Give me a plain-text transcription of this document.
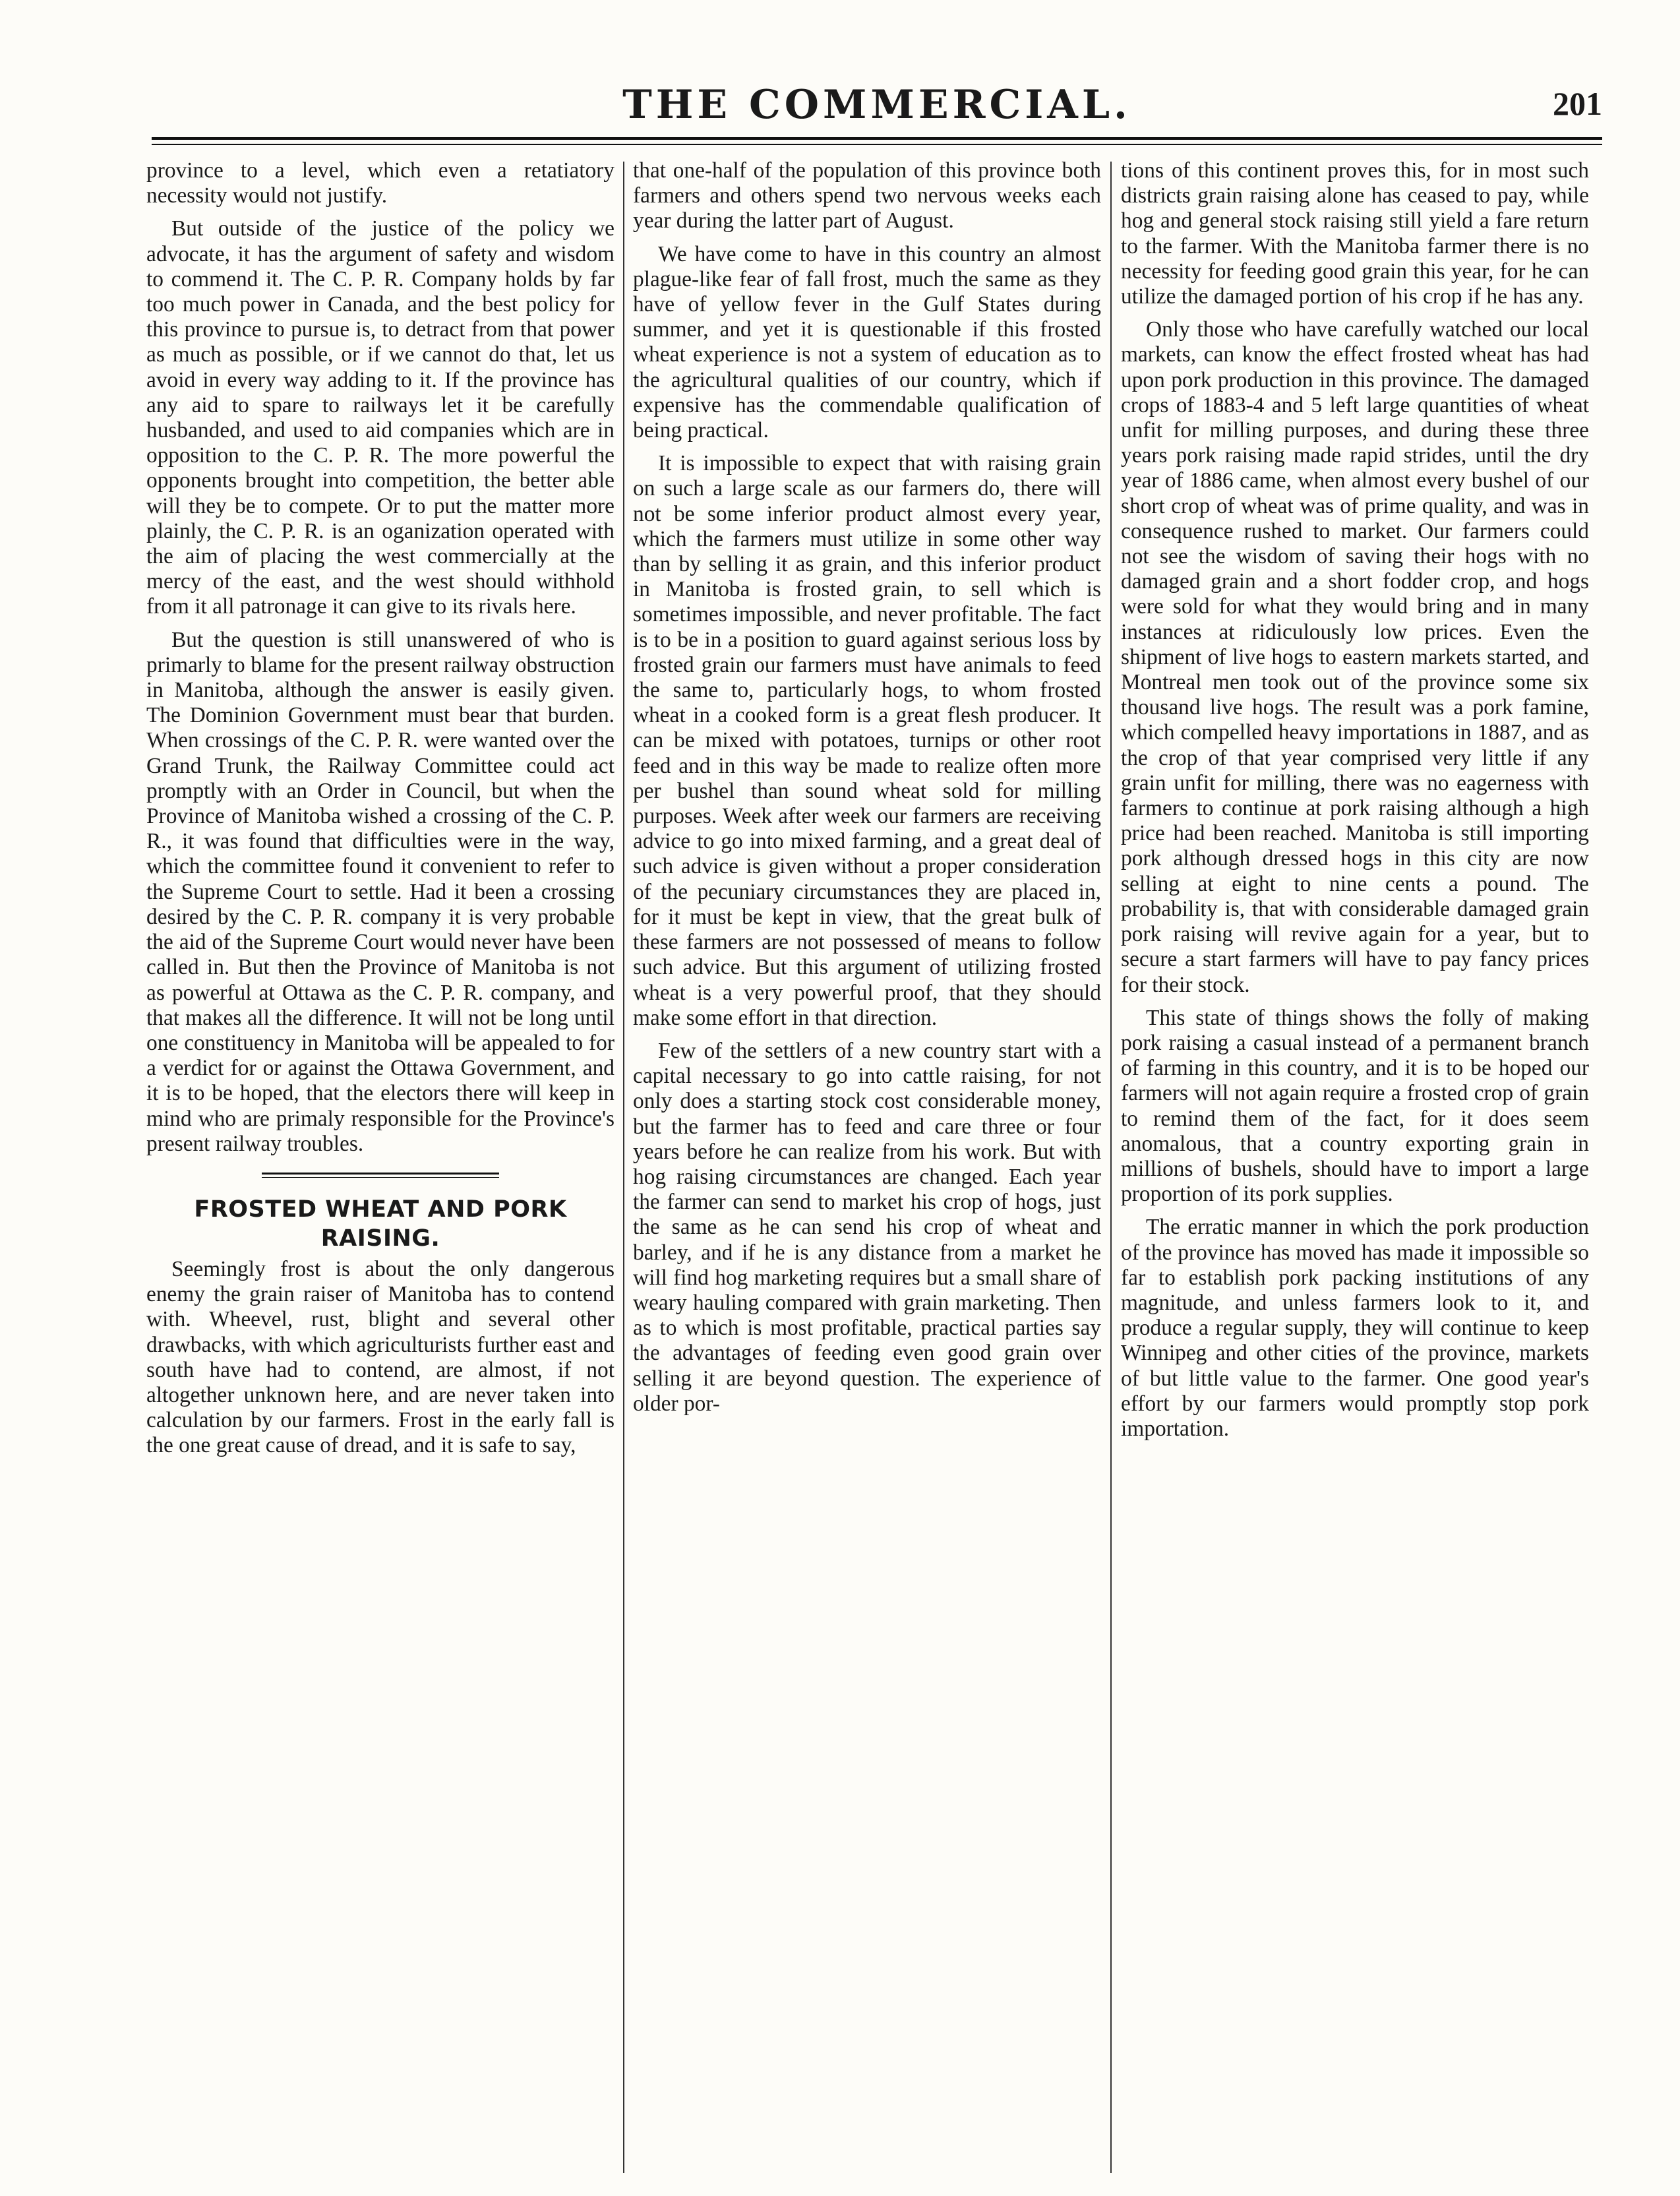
THE COMMERCIAL.	201

province to a level, which even a retatiatory necessity would not justify.

But outside of the justice of the policy we advocate, it has the argument of safety and wisdom to commend it. The C. P. R. Company holds by far too much power in Canada, and the best policy for this province to pursue is, to detract from that power as much as possible, or if we cannot do that, let us avoid in every way adding to it. If the province has any aid to spare to railways let it be carefully husbanded, and used to aid companies which are in opposition to the C. P. R. The more powerful the opponents brought into competition, the better able will they be to compete. Or to put the matter more plainly, the C. P. R. is an oganization operated with the aim of placing the west commercially at the mercy of the east, and the west should withhold from it all patronage it can give to its rivals here.

But the question is still unanswered of who is primarly to blame for the present railway obstruction in Manitoba, although the answer is easily given. The Dominion Government must bear that burden. When crossings of the C. P. R. were wanted over the Grand Trunk, the Railway Committee could act promptly with an Order in Council, but when the Province of Manitoba wished a crossing of the C. P. R., it was found that difficulties were in the way, which the committee found it convenient to refer to the Supreme Court to settle. Had it been a crossing desired by the C. P. R. company it is very probable the aid of the Supreme Court would never have been called in. But then the Province of Manitoba is not as powerful at Ottawa as the C. P. R. company, and that makes all the difference. It will not be long until one constituency in Manitoba will be appealed to for a verdict for or against the Ottawa Government, and it is to be hoped, that the electors there will keep in mind who are primaly responsible for the Province's present railway troubles.

FROSTED WHEAT AND PORK RAISING.

Seemingly frost is about the only dangerous enemy the grain raiser of Manitoba has to contend with. Wheevel, rust, blight and several other drawbacks, with which agriculturists further east and south have had to contend, are almost, if not altogether unknown here, and are never taken into calculation by our farmers. Frost in the early fall is the one great cause of dread, and it is safe to say,

that one-half of the population of this province both farmers and others spend two nervous weeks each year during the latter part of August.

We have come to have in this country an almost plague-like fear of fall frost, much the same as they have of yellow fever in the Gulf States during summer, and yet it is questionable if this frosted wheat experience is not a system of education as to the agricultural qualities of our country, which if expensive has the commendable qualification of being practical.

It is impossible to expect that with raising grain on such a large scale as our farmers do, there will not be some inferior product almost every year, which the farmers must utilize in some other way than by selling it as grain, and this inferior product in Manitoba is frosted grain, to sell which is sometimes impossible, and never profitable. The fact is to be in a position to guard against serious loss by frosted grain our farmers must have animals to feed the same to, particularly hogs, to whom frosted wheat in a cooked form is a great flesh producer. It can be mixed with potatoes, turnips or other root feed and in this way be made to realize often more per bushel than sound wheat sold for milling purposes. Week after week our farmers are receiving advice to go into mixed farming, and a great deal of such advice is given without a proper consideration of the pecuniary circumstances they are placed in, for it must be kept in view, that the great bulk of these farmers are not possessed of means to follow such advice. But this argument of utilizing frosted wheat is a very powerful proof, that they should make some effort in that direction.

Few of the settlers of a new country start with a capital necessary to go into cattle raising, for not only does a starting stock cost considerable money, but the farmer has to feed and care three or four years before he can realize from his work. But with hog raising circumstances are changed. Each year the farmer can send to market his crop of hogs, just the same as he can send his crop of wheat and barley, and if he is any distance from a market he will find hog marketing requires but a small share of weary hauling compared with grain marketing. Then as to which is most profitable, practical parties say the advantages of feeding even good grain over selling it are beyond question. The experience of older por-

tions of this continent proves this, for in most such districts grain raising alone has ceased to pay, while hog and general stock raising still yield a fare return to the farmer. With the Manitoba farmer there is no necessity for feeding good grain this year, for he can utilize the damaged portion of his crop if he has any.

Only those who have carefully watched our local markets, can know the effect frosted wheat has had upon pork production in this province. The damaged crops of 1883-4 and 5 left large quantities of wheat unfit for milling purposes, and during these three years pork raising made rapid strides, until the dry year of 1886 came, when almost every bushel of our short crop of wheat was of prime quality, and was in consequence rushed to market. Our farmers could not see the wisdom of saving their hogs with no damaged grain and a short fodder crop, and hogs were sold for what they would bring and in many instances at ridiculously low prices. Even the shipment of live hogs to eastern markets started, and Montreal men took out of the province some six thousand live hogs. The result was a pork famine, which compelled heavy importations in 1887, and as the crop of that year comprised very little if any grain unfit for milling, there was no eagerness with farmers to continue at pork raising although a high price had been reached. Manitoba is still importing pork although dressed hogs in this city are now selling at eight to nine cents a pound. The probability is, that with considerable damaged grain pork raising will revive again for a year, but to secure a start farmers will have to pay fancy prices for their stock.

This state of things shows the folly of making pork raising a casual instead of a permanent branch of farming in this country, and it is to be hoped our farmers will not again require a frosted crop of grain to remind them of the fact, for it does seem anomalous, that a country exporting grain in millions of bushels, should have to import a large proportion of its pork supplies.

The erratic manner in which the pork production of the province has moved has made it impossible so far to establish pork packing institutions of any magnitude, and unless farmers look to it, and produce a regular supply, they will continue to keep Winnipeg and other cities of the province, markets of but little value to the farmer. One good year's effort by our farmers would promptly stop pork importation.
